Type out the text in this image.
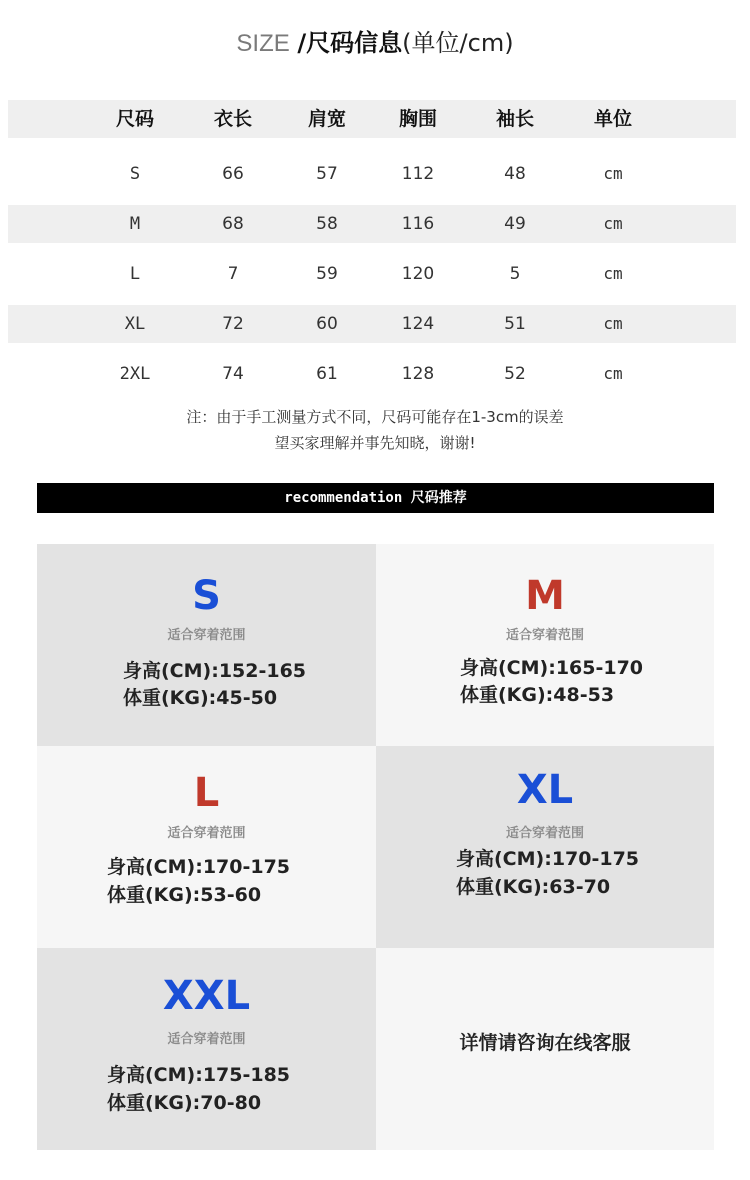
SIZE /尺码信息(单位/cm)
尺码	衣长	肩宽	胸围	袖长	单位
S	66	57	112	48	cm
M	68	58	116	49	cm
L	7	59	120	5	cm
XL	72	60	124	51	cm
2XL	74	61	128	52	cm
注：由于手工测量方式不同，尺码可能存在1-3cm的误差
望买家理解并事先知晓，谢谢!
recommendation 尺码推荐
S
适合穿着范围
身高(CM):152-165
体重(KG):45-50
M
适合穿着范围
身高(CM):165-170
体重(KG):48-53
L
适合穿着范围
身高(CM):170-175
体重(KG):53-60
XL
适合穿着范围
身高(CM):170-175
体重(KG):63-70
XXL
适合穿着范围
身高(CM):175-185
体重(KG):70-80
详情请咨询在线客服
